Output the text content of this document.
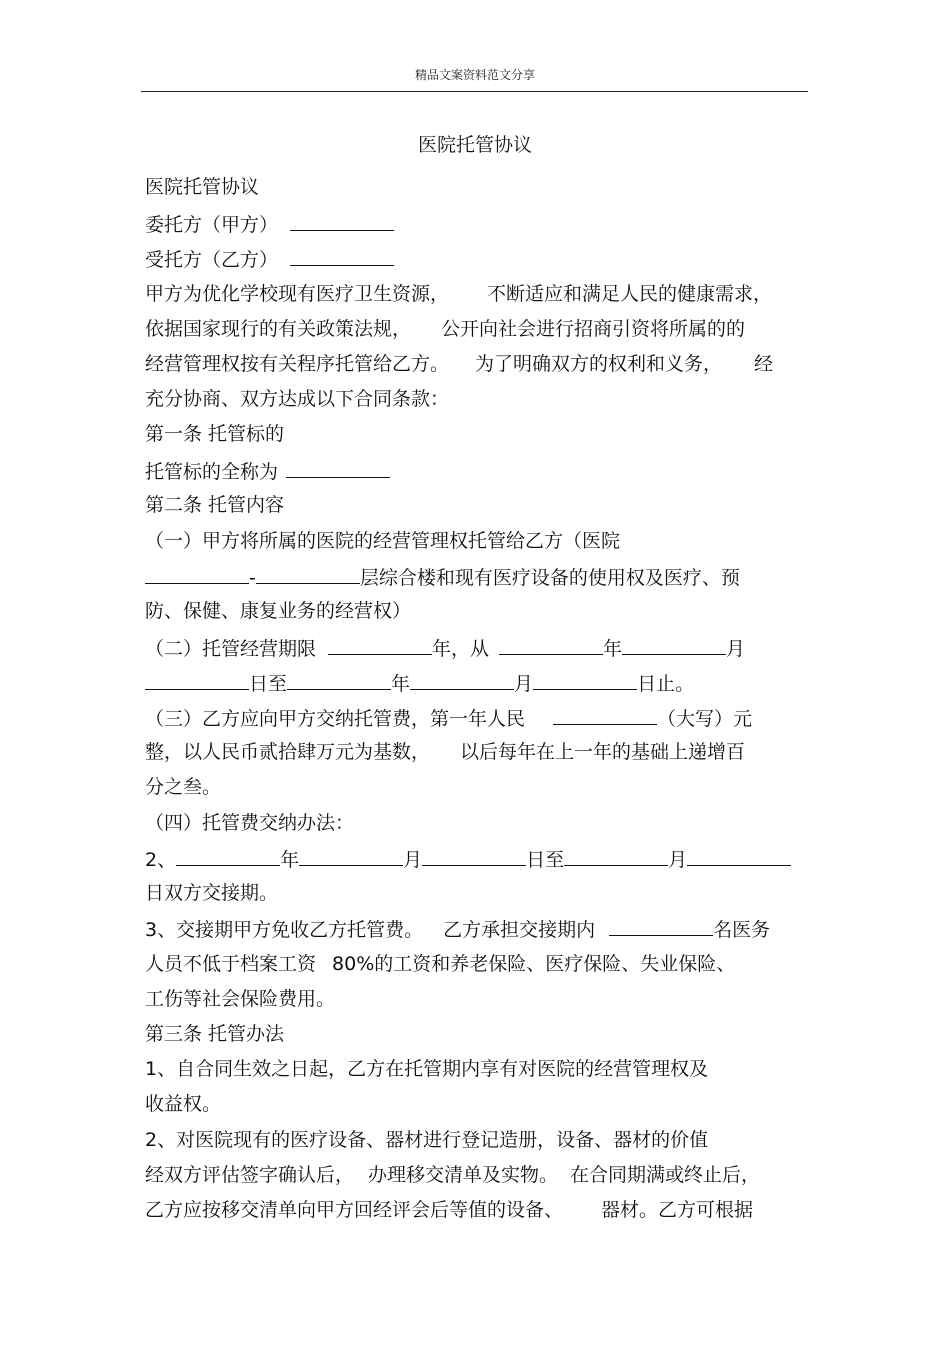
精品文案资料范文分享
医院托管协议
医院托管协议
委托方（甲方）
受托方（乙方）
甲方为优化学校现有医疗卫生资源， 不断适应和满足人民的健康需求，
依据国家现行的有关政策法规， 公开向社会进行招商引资将所属的的
经营管理权按有关程序托管给乙方。 为了明确双方的权利和义务， 经
充分协商、双方达成以下合同条款：
第一条 托管标的
托管标的全称为
第二条 托管内容
（一）甲方将所属的医院的经营管理权托管给乙方（医院
-	层综合楼和现有医疗设备的使用权及医疗、预
防、保健、康复业务的经营权）
（二）托管经营期限	年，从	年	月
日至	年	月	日止。
（三）乙方应向甲方交纳托管费，第一年人民	（大写）元
整，以人民币贰拾肆万元为基数， 以后每年在上一年的基础上递增百
分之叁。
（四）托管费交纳办法：
2、	年	月	日至	月
日双方交接期。
3、交接期甲方免收乙方托管费。 乙方承担交接期内	名医务
人员不低于档案工资 80%的工资和养老保险、医疗保险、失业保险、
工伤等社会保险费用。
第三条 托管办法
1、自合同生效之日起，乙方在托管期内享有对医院的经营管理权及
收益权。
2、对医院现有的医疗设备、器材进行登记造册，设备、器材的价值
经双方评估签字确认后， 办理移交清单及实物。 在合同期满或终止后，
乙方应按移交清单向甲方回经评会后等值的设备、 器材。乙方可根据
